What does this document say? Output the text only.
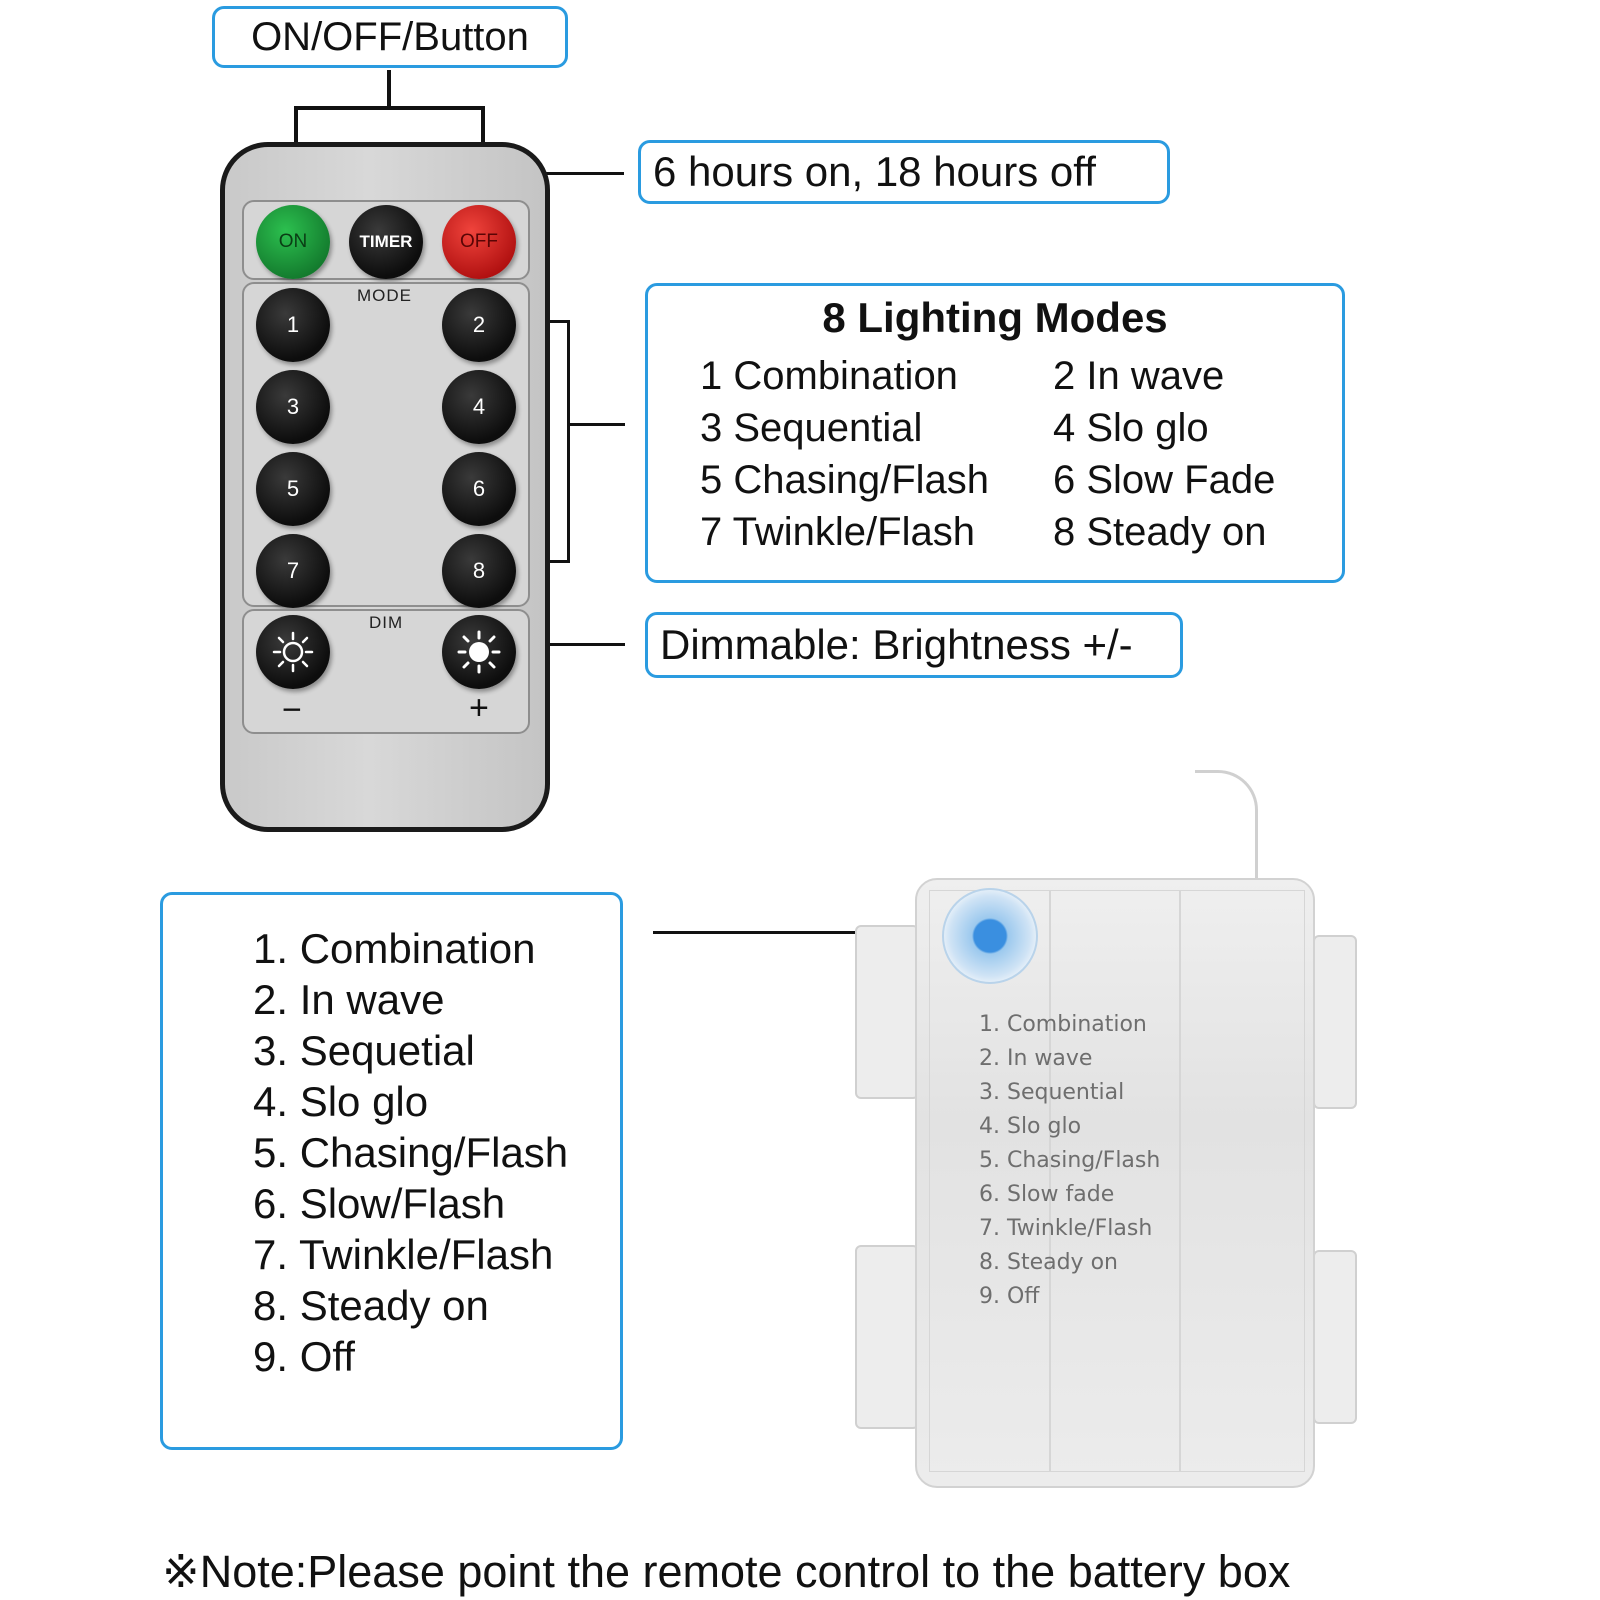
ON/OFF/Button
6 hours on, 18 hours off
8 Lighting Modes
1 Combination 2 In wave
3 Sequential	4 Slo glo
5 Chasing/Flash 6 Slow Fade
7 Twinkle/Flash 8 Steady on
Dimmable: Brightness +/-
ON	TIMER	OFF
MODE
1	2
3	4
5	6
7	8
DIM
−	+
1. Combination
2. In wave
3. Sequetial
4. Slo glo
5. Chasing/Flash
6. Slow/Flash
7. Twinkle/Flash
8. Steady on
9. Off
1. Combination
2. In wave
3. Sequential
4. Slo glo
5. Chasing/Flash
6. Slow fade
7. Twinkle/Flash
8. Steady on
9. Off
※Note:Please point the remote control to the battery box
